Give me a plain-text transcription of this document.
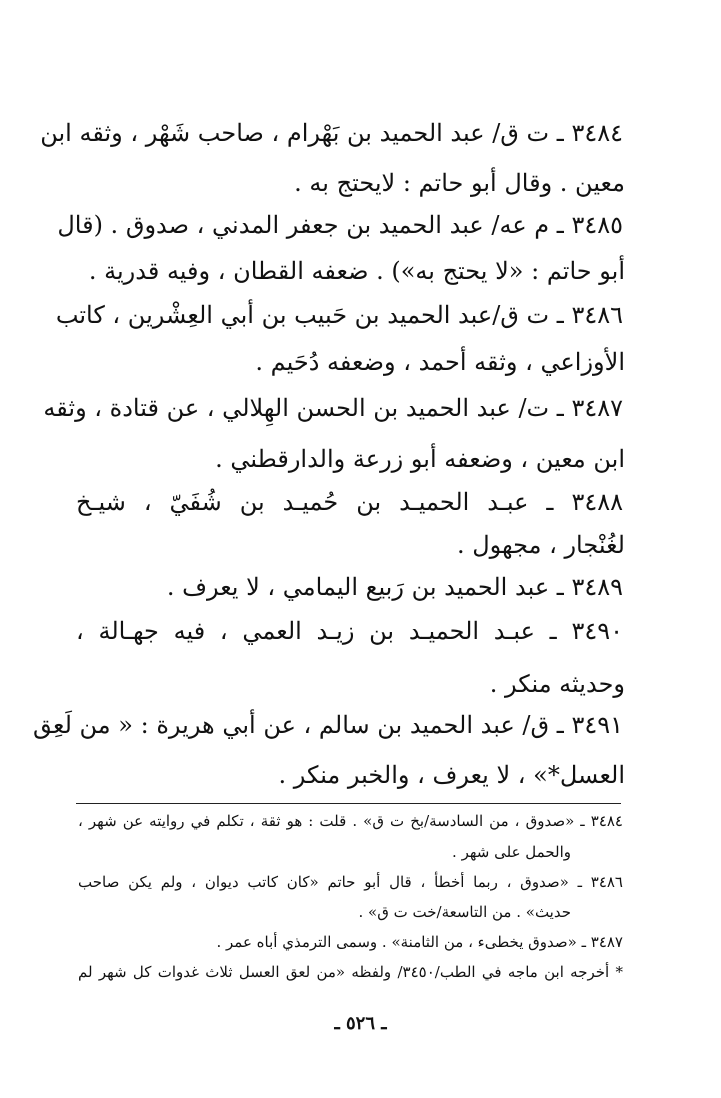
٣٤٨٤ ـ ت ق/ عبد الحميد بن بَهْرام ، صاحب شَهْر ، وثقه ابن
معين . وقال أبو حاتم : لايحتج به .
٣٤٨٥ ـ م عه/ عبد الحميد بن جعفر المدني ، صدوق . (قال
أبو حاتم : «لا يحتج به») . ضعفه القطان ، وفيه قدرية .
٣٤٨٦ ـ ت ق/عبد الحميد بن حَبيب بن أبي العِشْرين ، كاتب
الأوزاعي ، وثقه أحمد ، وضعفه دُحَيم .
٣٤٨٧ ـ ت/ عبد الحميد بن الحسن الهِلالي ، عن قتادة ، وثقه
ابن معين ، وضعفه أبو زرعة والدارقطني .
٣٤٨٨ ـ عبـد الحميـد بن حُميـد بن شُفَيّ ، شيـخ
لغُنْجار ، مجهول .
٣٤٨٩ ـ عبد الحميد بن رَبيع اليمامي ، لا يعرف .
٣٤٩٠ ـ عبـد الحميـد بن زيـد العمي ، فيه جهـالة ،
وحديثه منكر .
٣٤٩١ ـ ق/ عبد الحميد بن سالم ، عن أبي هريرة : « من لَعِق
العسل*» ، لا يعرف ، والخبر منكر .
٣٤٨٤ ـ «صدوق ، من السادسة/بخ ت ق» . قلت : هو ثقة ، تكلم في روايته عن شهر ،
والحمل على شهر .
٣٤٨٦ ـ «صدوق ، ربما أخطأ ، قال أبو حاتم «كان كاتب ديوان ، ولم يكن صاحب
حديث» . من التاسعة/خت ت ق» .
٣٤٨٧ ـ «صدوق يخطىء ، من الثامنة» . وسمى الترمذي أباه عمر .
* أخرجه ابن ماجه في الطب/٣٤٥٠/ ولفظه «من لعق العسل ثلاث غدوات كل شهر لم
ـ ٥٢٦ ـ
